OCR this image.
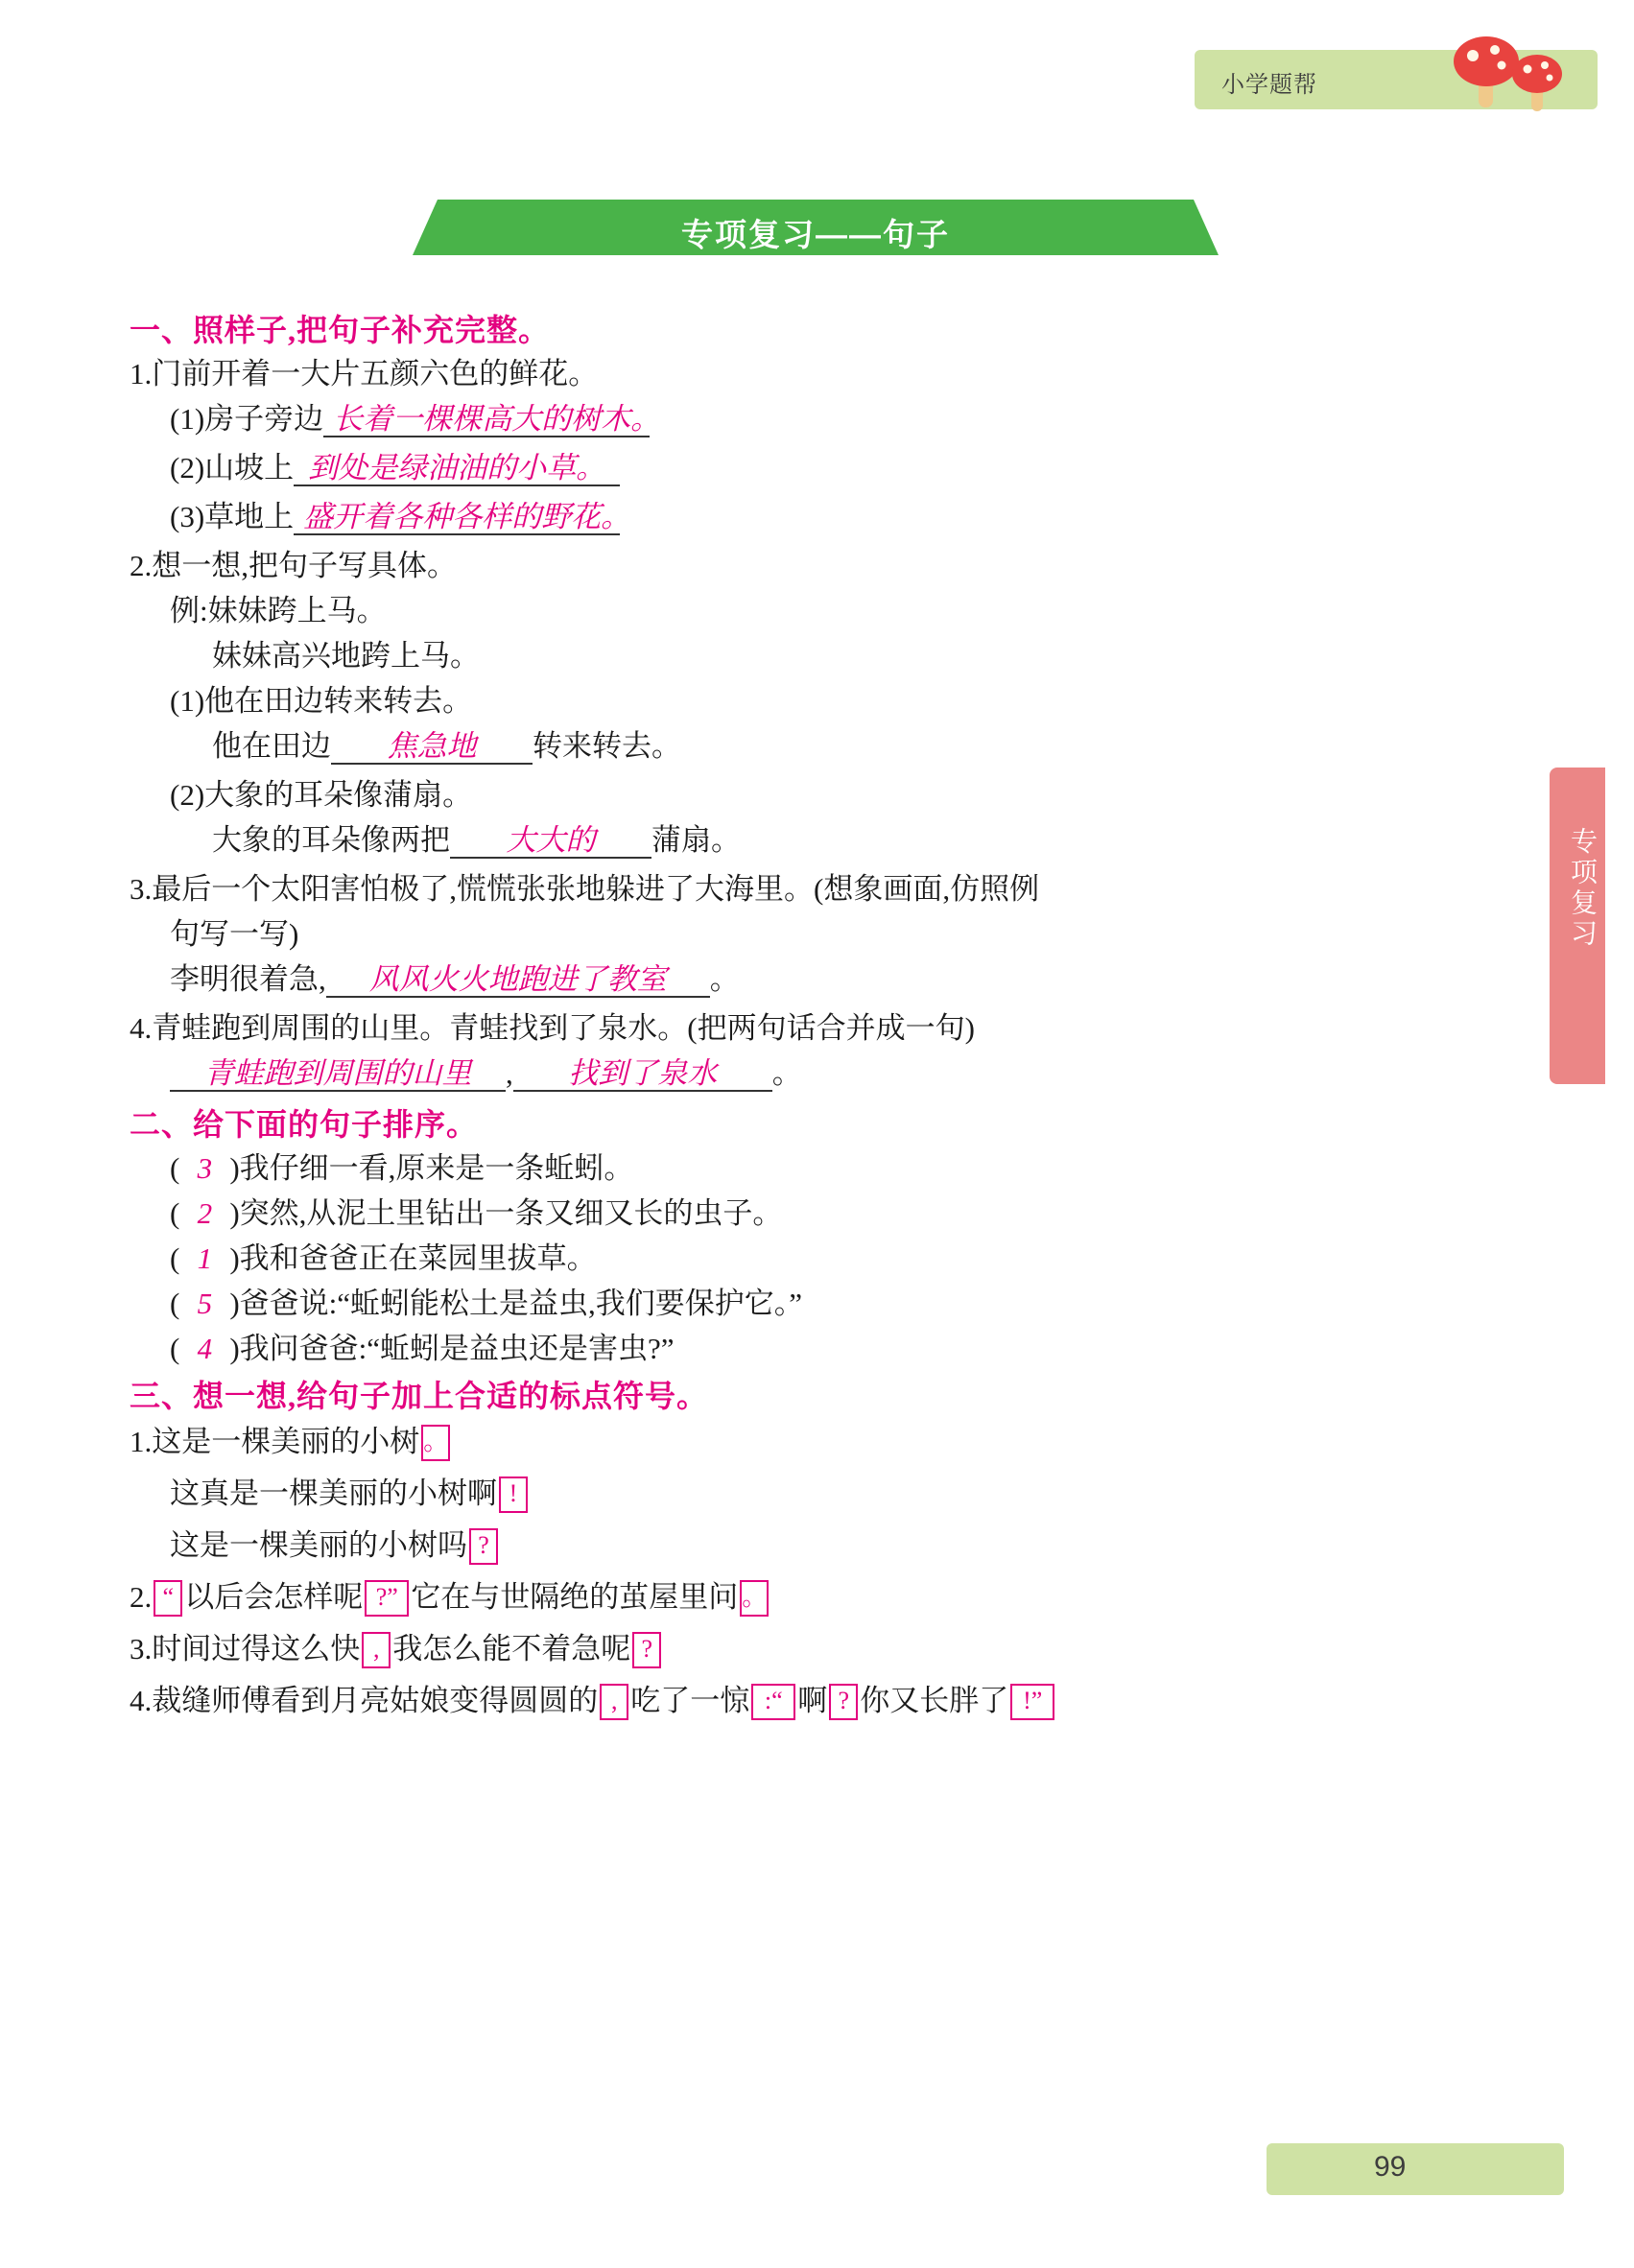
小学题帮
专项复习——句子
专项复习
一、照样子,把句子补充完整。
1.门前开着一大片五颜六色的鲜花。
(1)房子旁边 长着一棵棵高大的树木。
(2)山坡上 到处是绿油油的小草。
(3)草地上 盛开着各种各样的野花。
2.想一想,把句子写具体。
例:妹妹跨上马。
妹妹高兴地跨上马。
(1)他在田边转来转去。
他在田边 焦急地 转来转去。
(2)大象的耳朵像蒲扇。
大象的耳朵像两把 大大的 蒲扇。
3.最后一个太阳害怕极了,慌慌张张地躲进了大海里。(想象画面,仿照例
句写一写)
李明很着急, 风风火火地跑进了教室 。
4.青蛙跑到周围的山里。青蛙找到了泉水。(把两句话合并成一句)
青蛙跑到周围的山里 , 找到了泉水 。
二、给下面的句子排序。
( 3 )我仔细一看,原来是一条蚯蚓。
( 2 )突然,从泥土里钻出一条又细又长的虫子。
( 1 )我和爸爸正在菜园里拔草。
( 5 )爸爸说:“蚯蚓能松土是益虫,我们要保护它。”
( 4 )我问爸爸:“蚯蚓是益虫还是害虫?”
三、想一想,给句子加上合适的标点符号。
1.这是一棵美丽的小树 。
这真是一棵美丽的小树啊 !
这是一棵美丽的小树吗 ?
2. “ 以后会怎样呢 ?” 它在与世隔绝的茧屋里问 。
3.时间过得这么快 , 我怎么能不着急呢 ?
4.裁缝师傅看到月亮姑娘变得圆圆的 , 吃了一惊 :“ 啊 ? 你又长胖了 !”
99
